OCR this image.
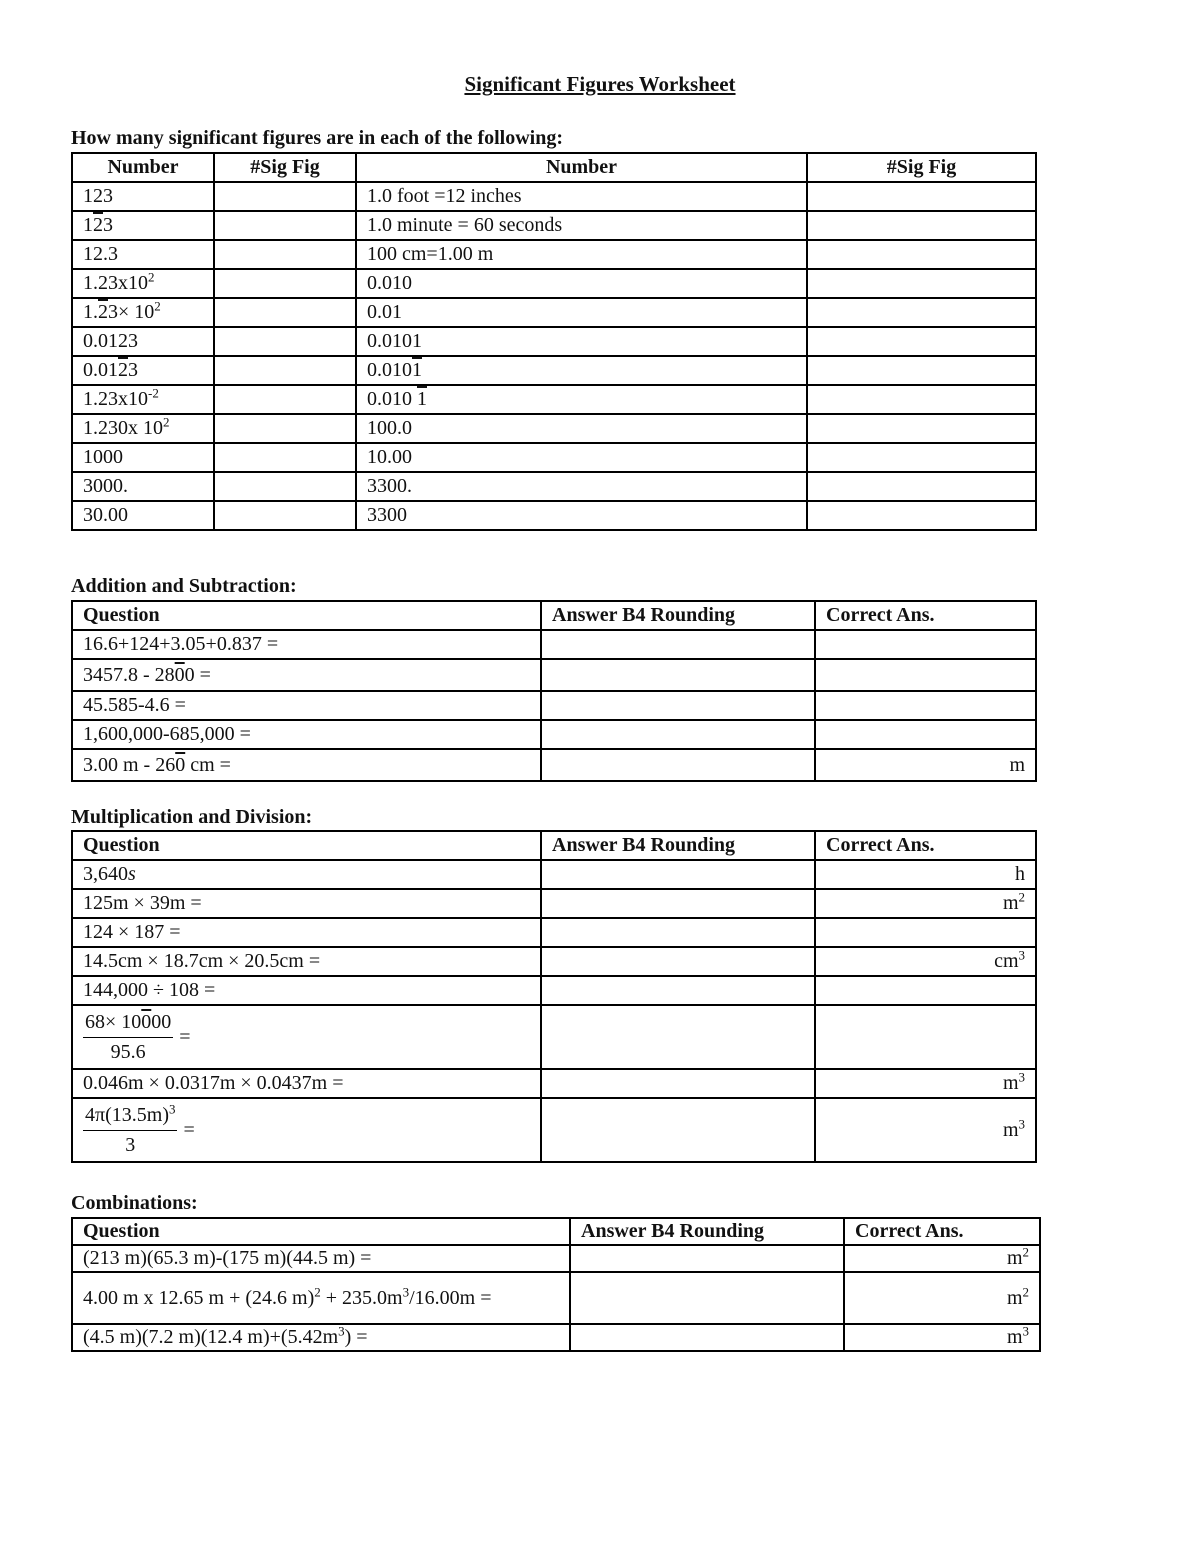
Significant Figures Worksheet
How many significant figures are in each of the following:
Number	#Sig Fig	Number	#Sig Fig
123		1.0 foot =12 inches	
123		1.0 minute = 60 seconds	
12.3		100 cm=1.00 m	
$1.23x10^2$		0.010	
$1.23\times 10^2$		0.01	
0.0123		0.0101	
0.0123		0.0101	
$1.23x10^{-2}$		0.010 1	
1.230x $10^2$		100.0	
1000		10.00	
3000.		3300.	
30.00		3300	
Addition and Subtraction:
Question	Answer B4 Rounding	Correct Ans.
16.6+124+3.05+0.837 =		
3457.8 - 2800 =		
45.585-4.6 =		
1,600,000-685,000 =		
3.00 m - 260 cm =		m
Multiplication and Division:
Question	Answer B4 Rounding	Correct Ans.
3,640s		h
125m × 39m =		$m^2$
124 × 187 =		
14.5cm × 18.7cm × 20.5cm =		$cm^3$
144,000 ÷ 108 =		

$\frac{68\times 10000}{95.6}$ =		

0.046m × 0.0317m × 0.0437m =		$m^3$

$\frac{4\pi(13.5m)^3}{3}$ =		$m^3$
Combinations:
Question	Answer B4 Rounding	Correct Ans.
(213 m)(65.3 m)-(175 m)(44.5 m) =		$m^2$
4.00 m x 12.65 m + (24.6 $m)^2 + 235.0m^3/16.00m$ =		$m^2$
(4.5 m)(7.2 m)(12.4 $m)+(5.42m^3)$ =		$m^3$
